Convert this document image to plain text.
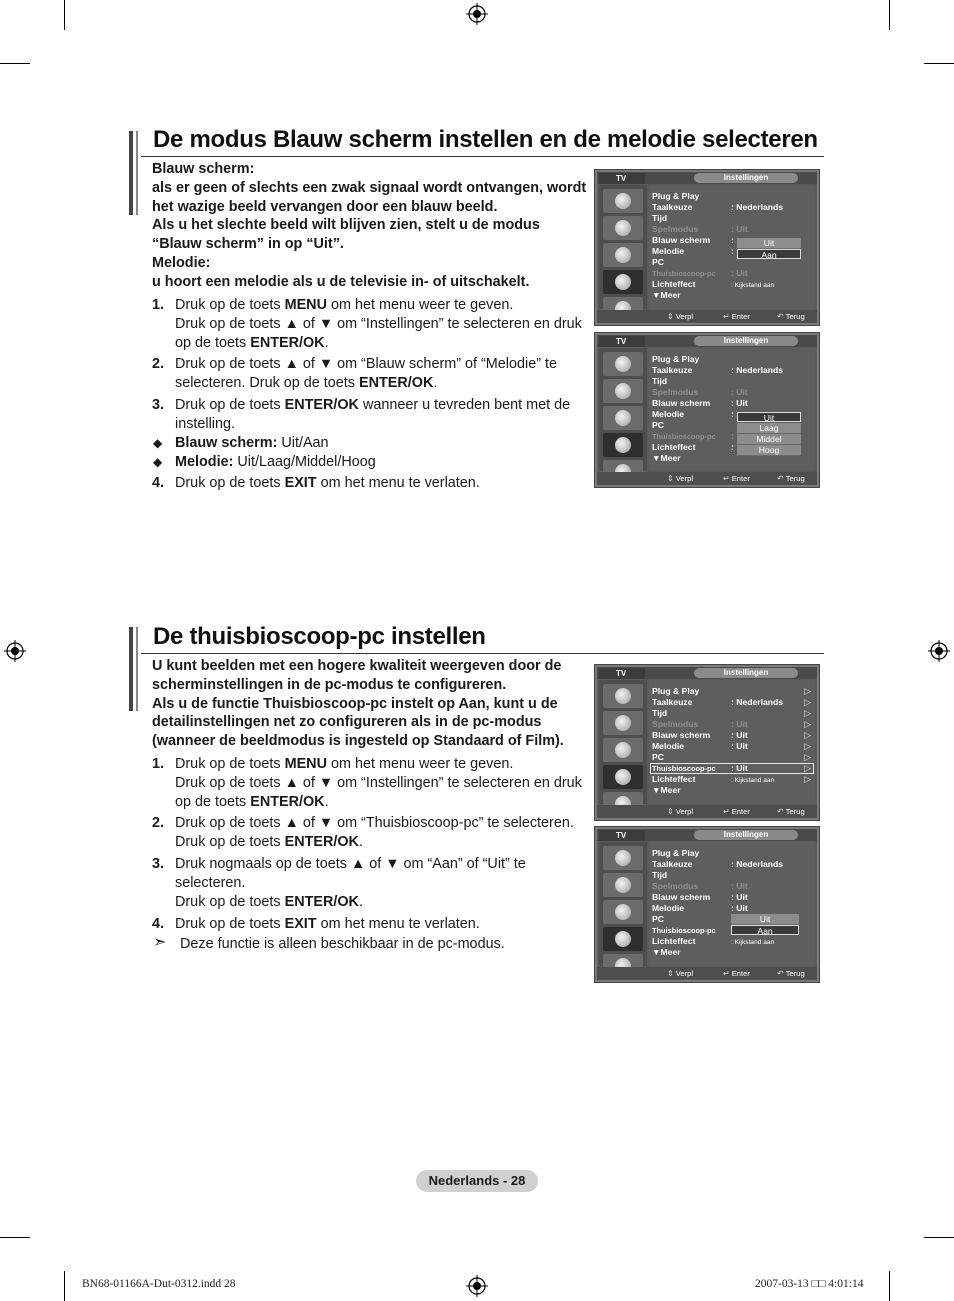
De modus Blauw scherm instellen en de melodie selecteren
Blauw scherm:
als er geen of slechts een zwak signaal wordt ontvangen, wordt
het wazige beeld vervangen door een blauw beeld.
Als u het slechte beeld wilt blijven zien, stelt u de modus
“Blauw scherm” in op “Uit”.
Melodie:
u hoort een melodie als u de televisie in- of uitschakelt.
1. Druk op de toets MENU om het menu weer te geven.
Druk op de toets ▲ of ▼ om “Instellingen” te selecteren en druk
op de toets ENTER/OK.
2. Druk op de toets ▲ of ▼ om “Blauw scherm” of “Melodie” te
selecteren. Druk op de toets ENTER/OK.
3. Druk op de toets ENTER/OK wanneer u tevreden bent met de
instelling.
◆ Blauw scherm: Uit/Aan
◆ Melodie: Uit/Laag/Middel/Hoog
4. Druk op de toets EXIT om het menu te verlaten.
TV	Instellingen
Plug & Play
Taalkeuze	: Nederlands
Tijd
Spelmodus	: Uit
Blauw scherm :
Melodie	:
PC
Thuisbioscoop-pc : Uit
Lichteffect	: Kijkstand aan
▼Meer
Uit
Aan
⇕ Verpl	↵ Enter	↶ Terug
TV	Instellingen
Plug & Play
Taalkeuze	: Nederlands
Tijd
Spelmodus	: Uit
Blauw scherm : Uit
Melodie	:
PC
Thuisbioscoop-pc :
Lichteffect	:
▼Meer
Uit
Laag
Middel
Hoog
⇕ Verpl	↵ Enter	↶ Terug
De thuisbioscoop-pc instellen
U kunt beelden met een hogere kwaliteit weergeven door de
scherminstellingen in de pc-modus te configureren.
Als u de functie Thuisbioscoop-pc instelt op Aan, kunt u de
detailinstellingen net zo configureren als in de pc-modus
(wanneer de beeldmodus is ingesteld op Standaard of Film).
1. Druk op de toets MENU om het menu weer te geven.
Druk op de toets ▲ of ▼ om “Instellingen” te selecteren en druk
op de toets ENTER/OK.
2. Druk op de toets ▲ of ▼ om “Thuisbioscoop-pc” te selecteren.
Druk op de toets ENTER/OK.
3. Druk nogmaals op de toets ▲ of ▼ om “Aan” of “Uit” te
selecteren.
Druk op de toets ENTER/OK.
4. Druk op de toets EXIT om het menu te verlaten.
➣ Deze functie is alleen beschikbaar in de pc-modus.
TV	Instellingen
Plug & Play	▷
Taalkeuze	: Nederlands ▷
Tijd	▷
Spelmodus	: Uit	▷
Blauw scherm : Uit	▷
Melodie	: Uit	▷
PC	▷
Thuisbioscoop-pc : Uit	▷
Lichteffect	: Kijkstand aan	▷
▼Meer
⇕ Verpl	↵ Enter	↶ Terug
TV	Instellingen
Plug & Play
Taalkeuze	: Nederlands
Tijd
Spelmodus	: Uit
Blauw scherm : Uit
Melodie	: Uit
PC
Thuisbioscoop-pc
Lichteffect	: Kijkstand aan
▼Meer
Uit
Aan
⇕ Verpl	↵ Enter	↶ Terug
Nederlands - 28
BN68-01166A-Dut-0312.indd 28	2007-03-13 □□ 4:01:14
